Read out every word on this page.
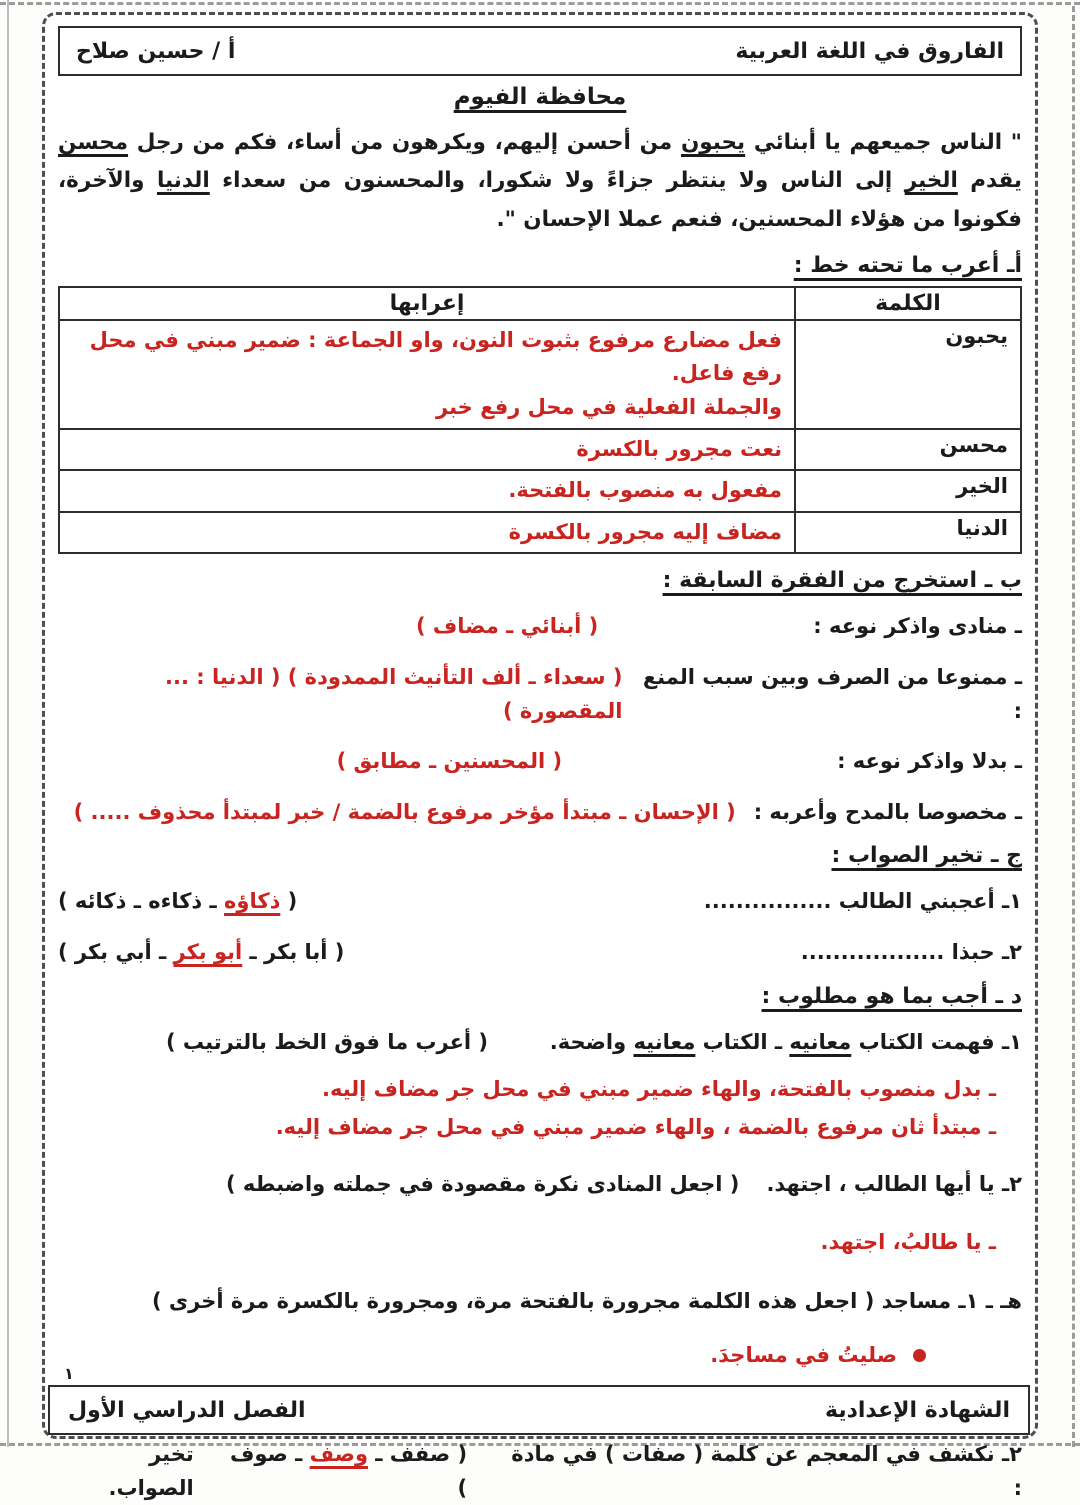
الفاروق في اللغة العربية
أ / حسين صلاح
محافظة الفيوم
" الناس جميعهم يا أبنائي يحبون من أحسن إليهم، ويكرهون من أساء، فكم من رجل محسن يقدم الخير إلى الناس ولا ينتظر جزاءً ولا شكورا، والمحسنون من سعداء الدنيا والآخرة، فكونوا من هؤلاء المحسنين، فنعم عملا الإحسان ".
أـ أعرب ما تحته خط :
الكلمة	إعرابها
يحبون	فعل مضارع مرفوع بثبوت النون، واو الجماعة : ضمير مبني في محل رفع فاعل.
والجملة الفعلية في محل رفع خبر

محسن	نعت مجرور بالكسرة
الخير	مفعول به منصوب بالفتحة.
الدنيا	مضاف إليه مجرور بالكسرة
ب ـ استخرج من الفقرة السابقة :
ـ منادى واذكر نوعه :
( أبنائي ـ مضاف )
ـ ممنوعا من الصرف وبين سبب المنع :
( سعداء ـ ألف التأنيث الممدودة ) ( الدنيا : ... المقصورة )
ـ بدلا واذكر نوعه :
( المحسنين ـ مطابق )
ـ مخصوصا بالمدح وأعربه :
( الإحسان ـ مبتدأ مؤخر مرفوع بالضمة / خبر لمبتدأ محذوف ..... )
ج ـ تخير الصواب :
١ـ أعجبني الطالب ................
( ذكاؤه ـ ذكاءه ـ ذكائه )
٢ـ حبذا ..................
( أبا بكر ـ أبو بكر ـ أبي بكر )
د ـ أجب بما هو مطلوب :
١ـ فهمت الكتاب معانيه ـ الكتاب معانيه واضحة.
( أعرب ما فوق الخط بالترتيب )
ـ بدل منصوب بالفتحة، والهاء ضمير مبني في محل جر مضاف إليه.
ـ مبتدأ ثان مرفوع بالضمة ، والهاء ضمير مبني في محل جر مضاف إليه.
٢ـ يا أيها الطالب ، اجتهد.
( اجعل المنادى نكرة مقصودة في جملته واضبطه )
ـ يا طالبُ، اجتهد.
هـ ـ ١ـ مساجد ( اجعل هذه الكلمة مجرورة بالفتحة مرة، ومجرورة بالكسرة مرة أخرى )
صليتُ في مساجدَ.
٢ـ نكشف في المعجم عن كلمة ( صفات ) في مادة :
( صفف ـ وصف ـ صوف )
تخير الصواب.
١
الشهادة الإعدادية
الفصل الدراسي الأول
